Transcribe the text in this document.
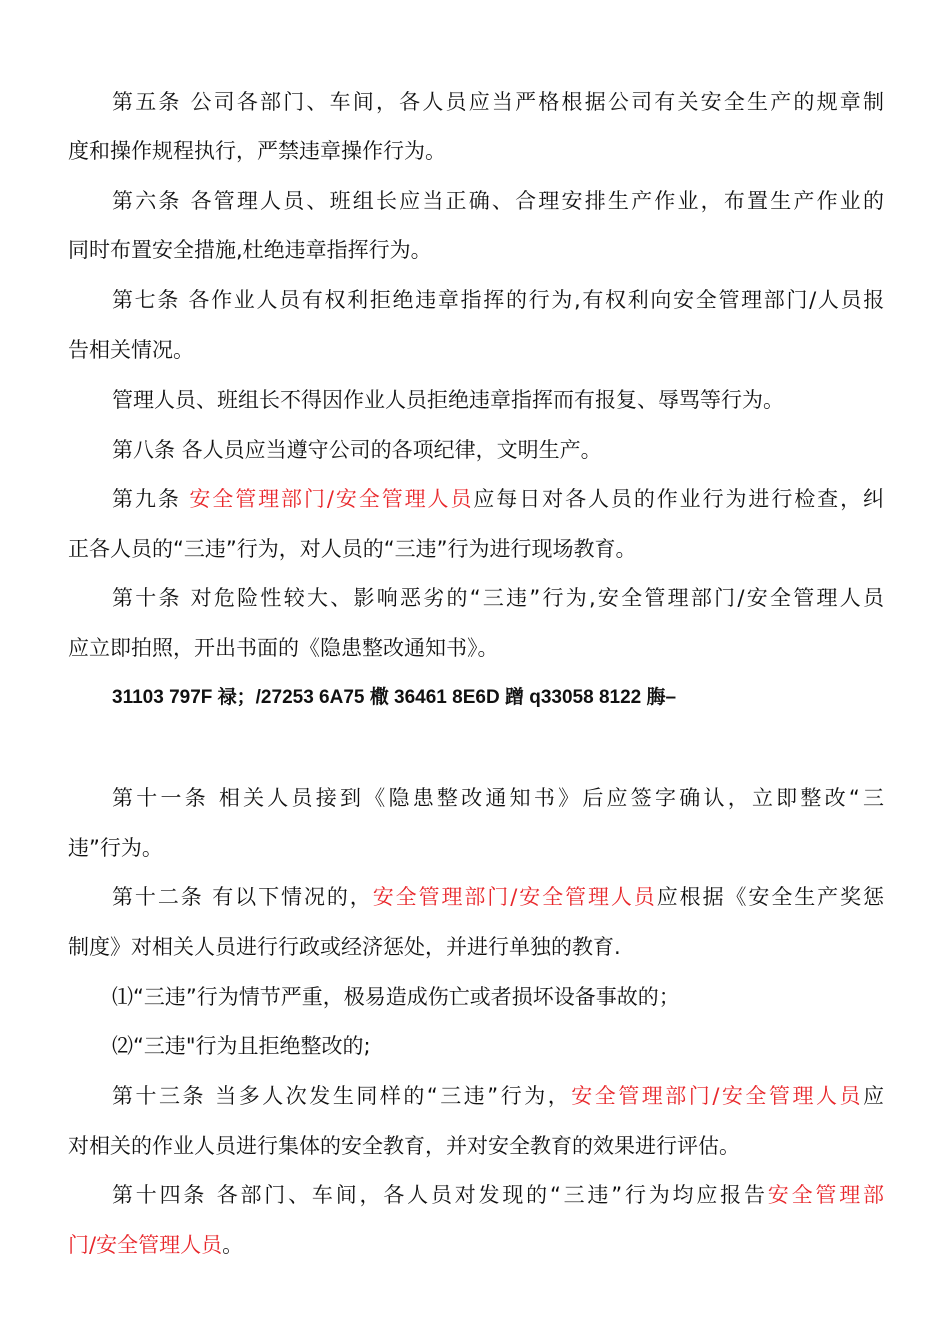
第五条 公司各部门、车间，各人员应当严格根据公司有关安全生产的规章制
度和操作规程执行，严禁违章操作行为。
第六条 各管理人员、班组长应当正确、合理安排生产作业，布置生产作业的
同时布置安全措施,杜绝违章指挥行为。
第七条 各作业人员有权利拒绝违章指挥的行为,有权利向安全管理部门/人员报
告相关情况。
管理人员、班组长不得因作业人员拒绝违章指挥而有报复、辱骂等行为。
第八条 各人员应当遵守公司的各项纪律，文明生产。
第九条 安全管理部门/安全管理人员应每日对各人员的作业行为进行检查，纠
正各人员的“三违”行为，对人员的“三违”行为进行现场教育。
第十条 对危险性较大、影响恶劣的“三违”行为,安全管理部门/安全管理人员
应立即拍照，开出书面的《隐患整改通知书》。
31103 797F 禄；/27253 6A75 橵 36461 8E6D 蹭 q33058 8122 脢–
第十一条 相关人员接到《隐患整改通知书》后应签字确认，立即整改“三
违”行为。
第十二条 有以下情况的，安全管理部门/安全管理人员应根据《安全生产奖惩
制度》对相关人员进行行政或经济惩处，并进行单独的教育.
⑴“三违”行为情节严重，极易造成伤亡或者损坏设备事故的；
⑵“三违"行为且拒绝整改的;
第十三条 当多人次发生同样的“三违”行为，安全管理部门/安全管理人员应
对相关的作业人员进行集体的安全教育，并对安全教育的效果进行评估。
第十四条 各部门、车间，各人员对发现的“三违”行为均应报告安全管理部
门/安全管理人员。
